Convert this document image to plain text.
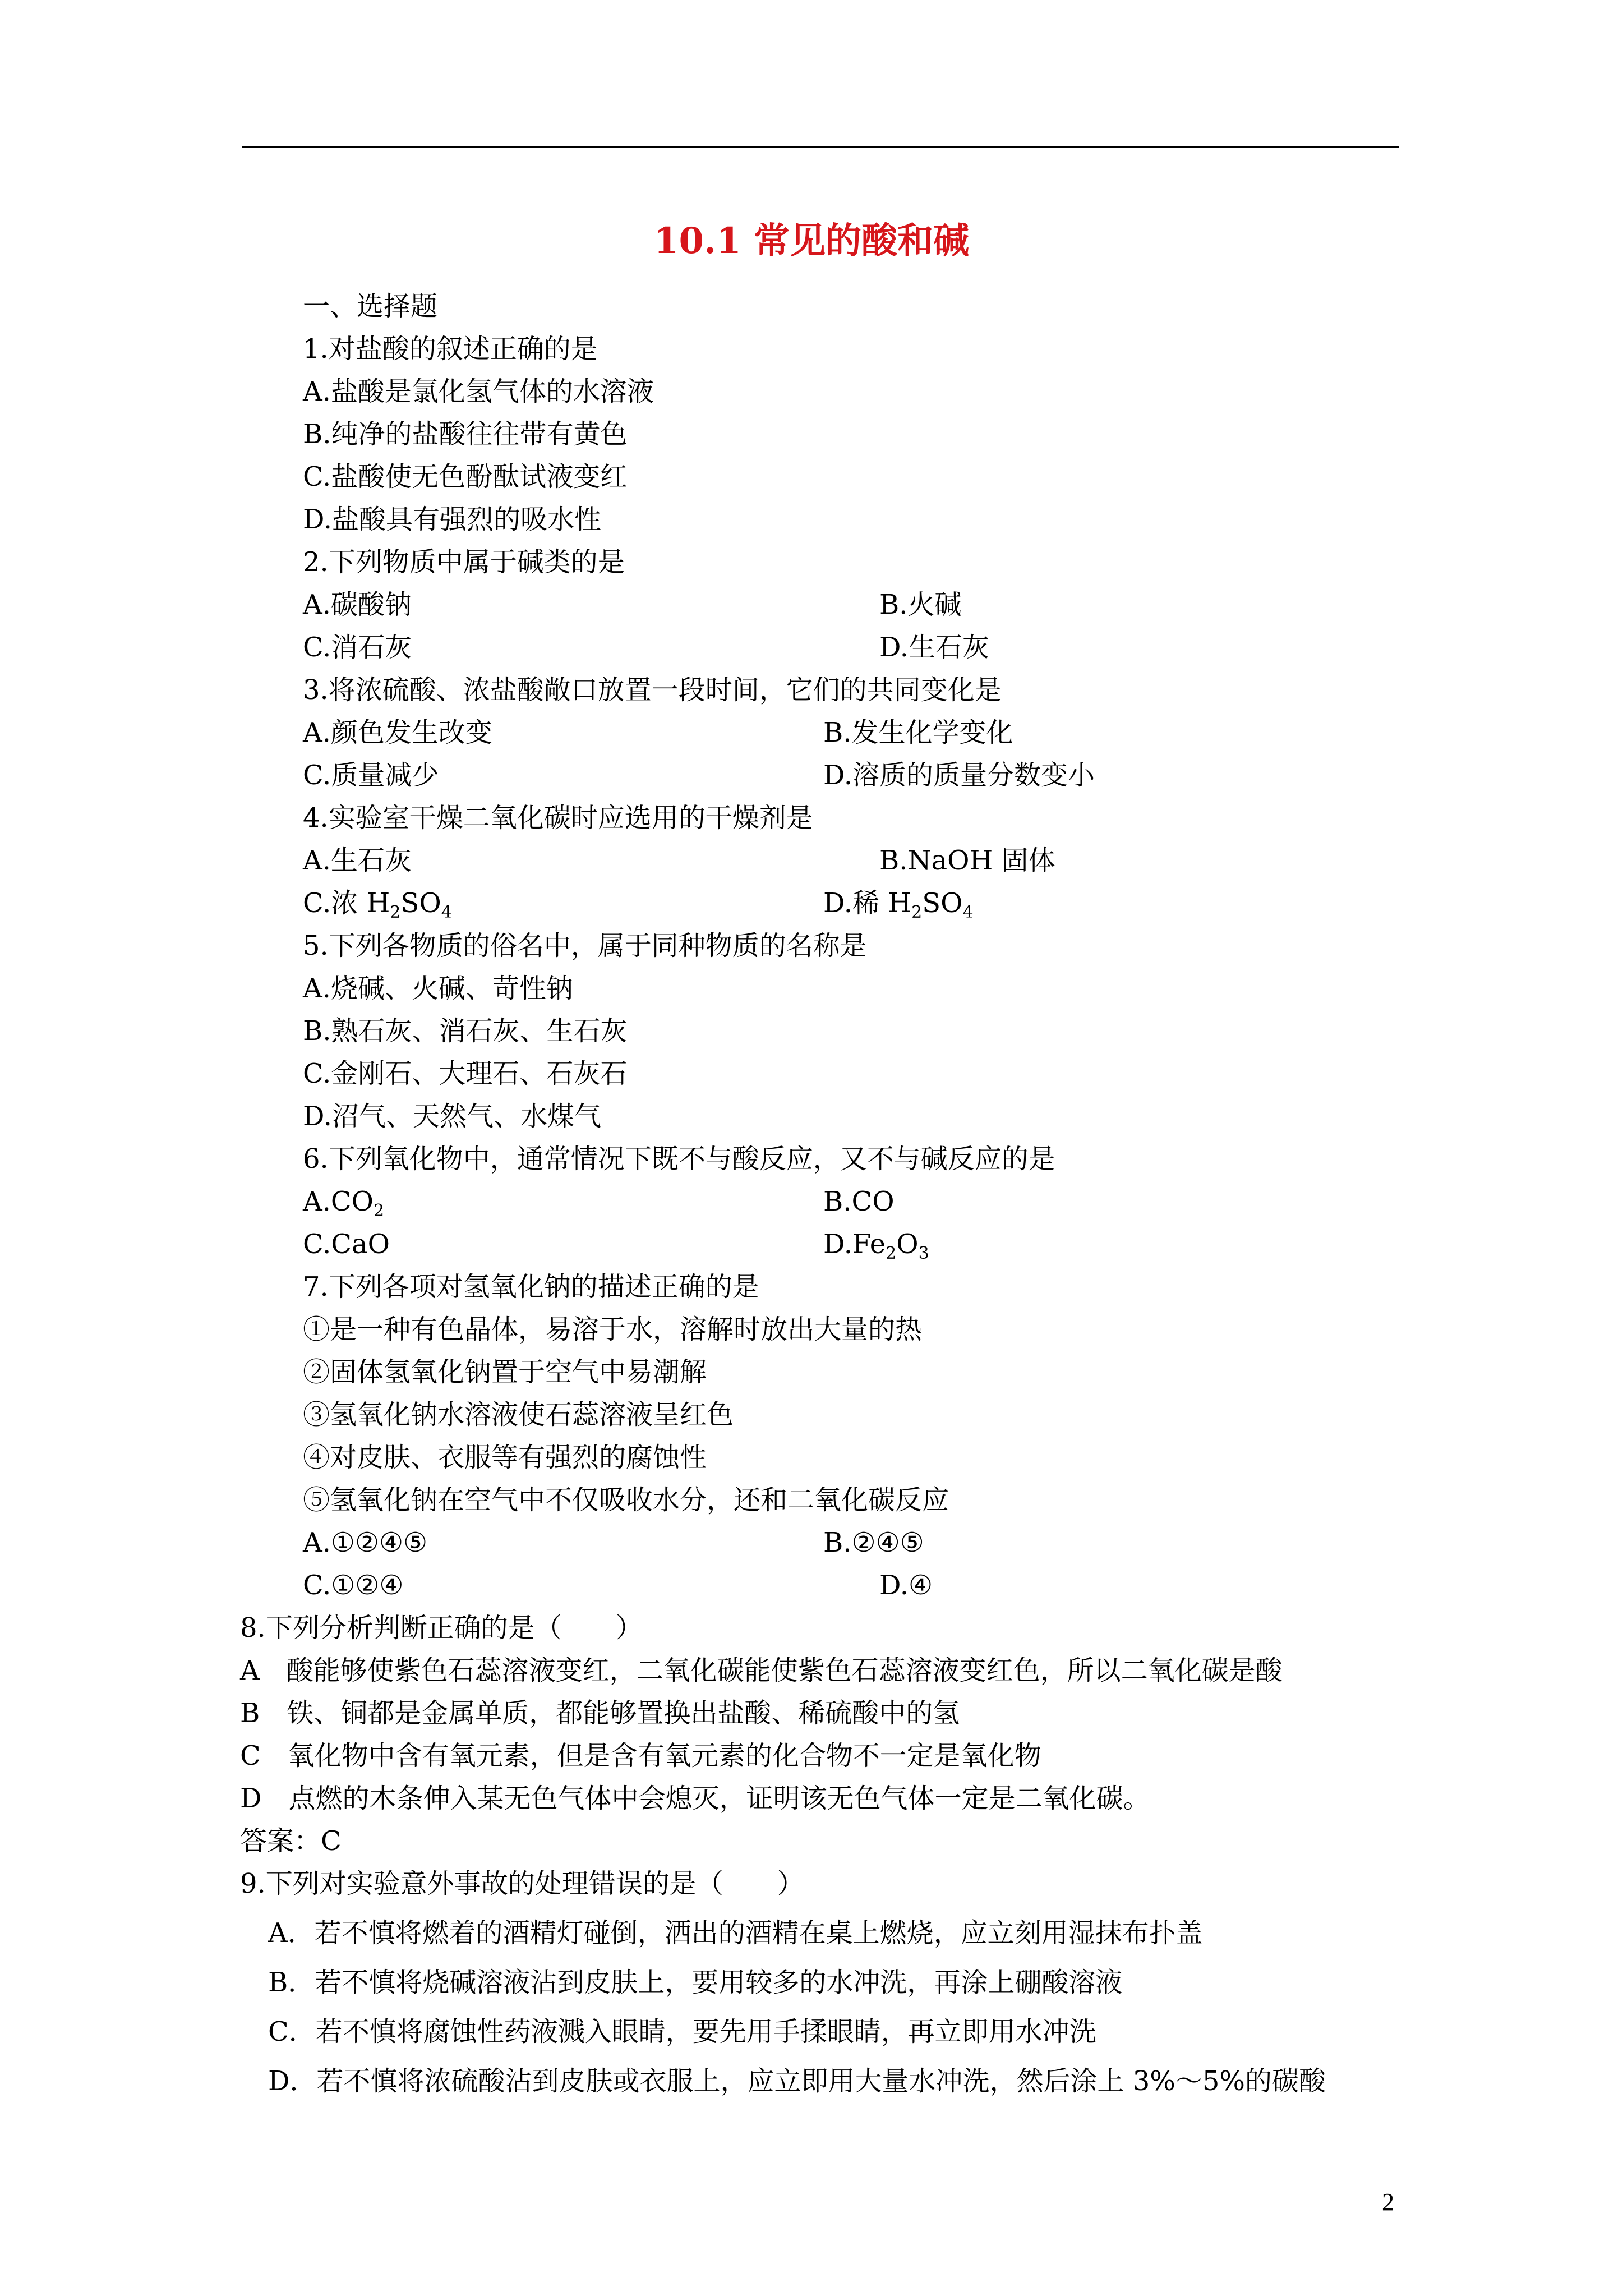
10.1 常见的酸和碱
一、选择题
1.对盐酸的叙述正确的是
A.盐酸是氯化氢气体的水溶液
B.纯净的盐酸往往带有黄色
C.盐酸使无色酚酞试液变红
D.盐酸具有强烈的吸水性
2.下列物质中属于碱类的是
A.碳酸钠	B.火碱
C.消石灰	D.生石灰
3.将浓硫酸、浓盐酸敞口放置一段时间，它们的共同变化是
A.颜色发生改变	B.发生化学变化
C.质量减少	D.溶质的质量分数变小
4.实验室干燥二氧化碳时应选用的干燥剂是
A.生石灰	B.NaOH 固体
C.浓 $H_2SO_4$	D.稀 $H_2SO_4$
5.下列各物质的俗名中，属于同种物质的名称是
A.烧碱、火碱、苛性钠
B.熟石灰、消石灰、生石灰
C.金刚石、大理石、石灰石
D.沼气、天然气、水煤气
6.下列氧化物中，通常情况下既不与酸反应，又不与碱反应的是
$A.CO_2$	B.CO
C.CaO	$D.Fe_2O_3$
7.下列各项对氢氧化钠的描述正确的是
①是一种有色晶体，易溶于水，溶解时放出大量的热
②固体氢氧化钠置于空气中易潮解
③氢氧化钠水溶液使石蕊溶液呈红色
④对皮肤、衣服等有强烈的腐蚀性
⑤氢氧化钠在空气中不仅吸收水分，还和二氧化碳反应
A.①②④⑤	B.②④⑤
C.①②④	D.④
8.下列分析判断正确的是（　　）
A　酸能够使紫色石蕊溶液变红，二氧化碳能使紫色石蕊溶液变红色，所以二氧化碳是酸
B　铁、铜都是金属单质，都能够置换出盐酸、稀硫酸中的氢
C　氧化物中含有氧元素，但是含有氧元素的化合物不一定是氧化物
D　点燃的木条伸入某无色气体中会熄灭，证明该无色气体一定是二氧化碳。
答案：C
9.下列对实验意外事故的处理错误的是（　　）
A．若不慎将燃着的酒精灯碰倒，洒出的酒精在桌上燃烧，应立刻用湿抹布扑盖
B．若不慎将烧碱溶液沾到皮肤上，要用较多的水冲洗，再涂上硼酸溶液
C．若不慎将腐蚀性药液溅入眼睛，要先用手揉眼睛，再立即用水冲洗
D．若不慎将浓硫酸沾到皮肤或衣服上，应立即用大量水冲洗，然后涂上 3%～5%的碳酸
2
